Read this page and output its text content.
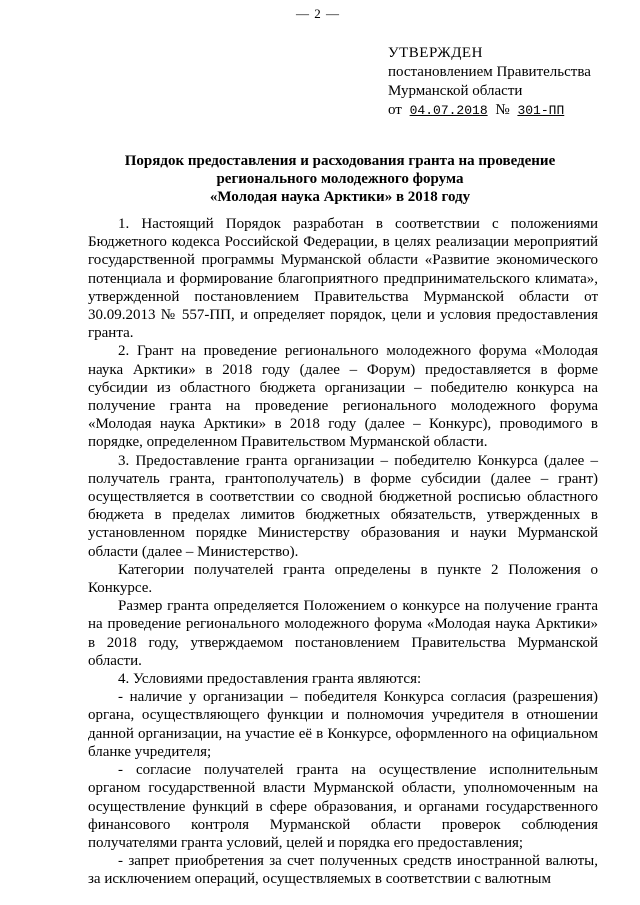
— 2 —
УТВЕРЖДЕН
постановлением Правительства
Мурманской области
от 04.07.2018 № 301-ПП
Порядок предоставления и расходования гранта на проведение
регионального молодежного форума
«Молодая наука Арктики» в 2018 году

1. Настоящий Порядок разработан в соответствии с положениями Бюджетного кодекса Российской Федерации, в целях реализации мероприятий государственной программы Мурманской области «Развитие экономического потенциала и формирование благоприятного предпринимательского климата», утвержденной постановлением Правительства Мурманской области от 30.09.2013 № 557-ПП, и определяет порядок, цели и условия предоставления гранта.

2. Грант на проведение регионального молодежного форума «Молодая наука Арктики» в 2018 году (далее – Форум) предоставляется в форме субсидии из областного бюджета организации – победителю конкурса на получение гранта на проведение регионального молодежного форума «Молодая наука Арктики» в 2018 году (далее – Конкурс), проводимого в порядке, определенном Правительством Мурманской области.

3. Предоставление гранта организации – победителю Конкурса (далее – получатель гранта, грантополучатель) в форме субсидии (далее – грант) осуществляется в соответствии со сводной бюджетной росписью областного бюджета в пределах лимитов бюджетных обязательств, утвержденных в установленном порядке Министерству образования и науки Мурманской области (далее – Министерство).

Категории получателей гранта определены в пункте 2 Положения о Конкурсе.

Размер гранта определяется Положением о конкурсе на получение гранта на проведение регионального молодежного форума «Молодая наука Арктики» в 2018 году, утверждаемом постановлением Правительства Мурманской области.

4. Условиями предоставления гранта являются:

- наличие у организации – победителя Конкурса согласия (разрешения) органа, осуществляющего функции и полномочия учредителя в отношении данной организации, на участие её в Конкурсе, оформленного на официальном бланке учредителя;

- согласие получателей гранта на осуществление исполнительным органом государственной власти Мурманской области, уполномоченным на осуществление функций в сфере образования, и органами государственного финансового контроля Мурманской области проверок соблюдения получателями гранта условий, целей и порядка его предоставления;

- запрет приобретения за счет полученных средств иностранной валюты, за исключением операций, осуществляемых в соответствии с валютным
